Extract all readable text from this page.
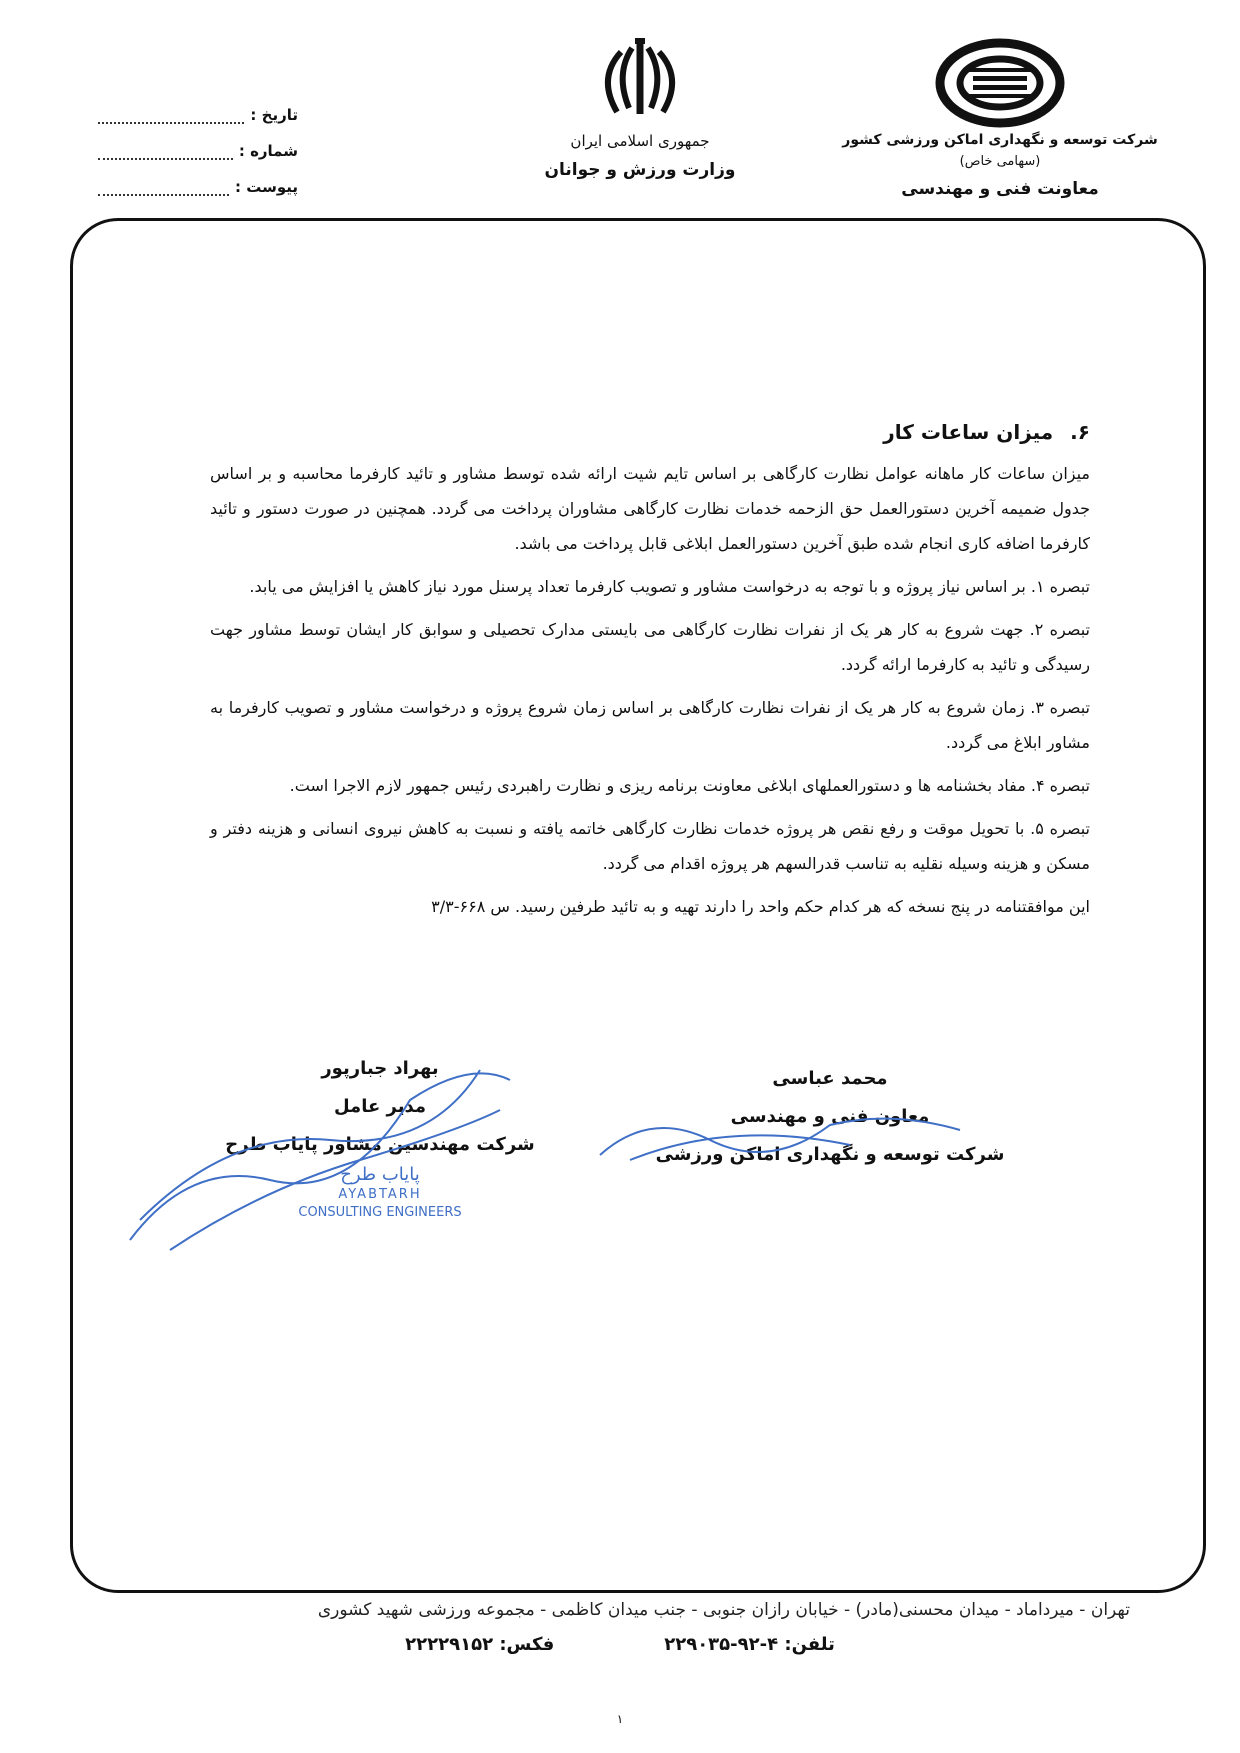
شرکت توسعه و نگهداری اماکن ورزشی کشور
(سهامی خاص)
معاونت فنی و مهندسی
جمهوری اسلامی ایران
وزارت ورزش و جوانان
تاریخ :
شماره :
پیوست :
۶. میزان ساعات کار

میزان ساعات کار ماهانه عوامل نظارت کارگاهی بر اساس تایم شیت ارائه شده توسط مشاور و تائید کارفرما محاسبه و بر اساس جدول ضمیمه آخرین دستورالعمل حق الزحمه خدمات نظارت کارگاهی مشاوران پرداخت می گردد. همچنین در صورت دستور و تائید کارفرما اضافه کاری انجام شده طبق آخرین دستورالعمل ابلاغی قابل پرداخت می باشد.

تبصره ۱. بر اساس نیاز پروژه و با توجه به درخواست مشاور و تصویب کارفرما تعداد پرسنل مورد نیاز کاهش یا افزایش می یابد.

تبصره ۲. جهت شروع به کار هر یک از نفرات نظارت کارگاهی می بایستی مدارک تحصیلی و سوابق کار ایشان توسط مشاور جهت رسیدگی و تائید به کارفرما ارائه گردد.

تبصره ۳. زمان شروع به کار هر یک از نفرات نظارت کارگاهی بر اساس زمان شروع پروژه و درخواست مشاور و تصویب کارفرما به مشاور ابلاغ می گردد.

تبصره ۴. مفاد بخشنامه ها و دستورالعملهای ابلاغی معاونت برنامه ریزی و نظارت راهبردی رئیس جمهور لازم الاجرا است.

تبصره ۵. با تحویل موقت و رفع نقص هر پروژه خدمات نظارت کارگاهی خاتمه یافته و نسبت به کاهش نیروی انسانی و هزینه دفتر و مسکن و هزینه وسیله نقلیه به تناسب قدرالسهم هر پروژه اقدام می گردد.

این موافقتنامه در پنج نسخه که هر کدام حکم واحد را دارند تهیه و به تائید طرفین رسید. س ۶۶۸-۳/۳

محمد عباسی
معاون فنی و مهندسی
شرکت توسعه و نگهداری اماکن ورزشی
بهراد جبارپور
مدیر عامل
شرکت مهندسین مشاور پایاب طرح
پایاب طرح
AYABTARH
CONSULTING ENGINEERS
تهران - میرداماد - میدان محسنی(مادر) - خیابان رازان جنوبی - جنب میدان کاظمی - مجموعه ورزشی شهید کشوری
تلفن: ۴-۹۲-۲۲۹۰۳۵
فکس: ۲۲۲۲۹۱۵۲
۱
